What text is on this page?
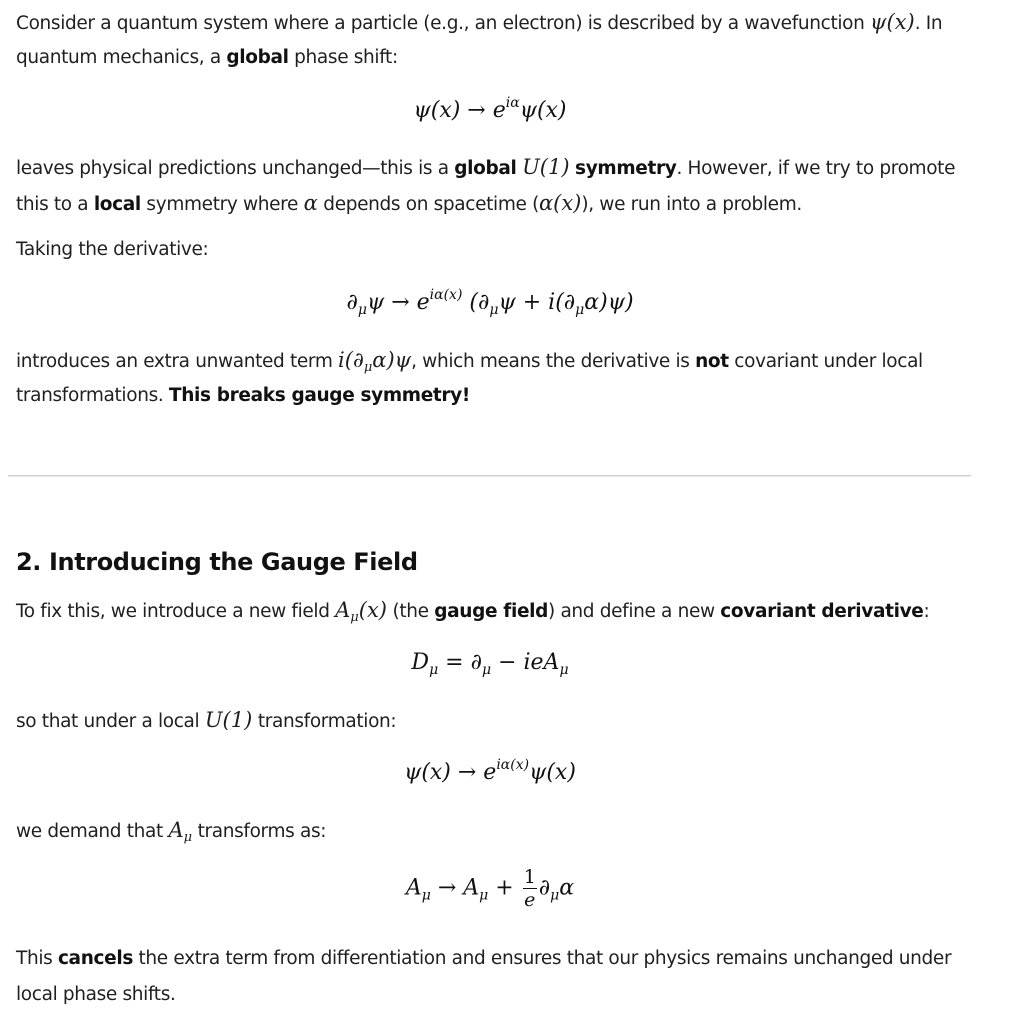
Consider a quantum system where a particle (e.g., an electron) is described by a wavefunction ψ(x). In
quantum mechanics, a global phase shift:
$\psi(x) \to e^{i\alpha}\psi(x)$
leaves physical predictions unchanged—this is a global U(1) symmetry. However, if we try to promote
this to a local symmetry where α depends on spacetime (α(x)), we run into a problem.
Taking the derivative:
$\partial_\mu\psi \to e^{i\alpha(x)}$ $(\partial_\mu\psi + i(\partial_\mu\alpha)\psi)$
introduces an extra unwanted term $i(\partial_\mu\alpha)\psi$, which means the derivative is not covariant under local
transformations. This breaks gauge symmetry!
2. Introducing the Gauge Field
To fix this, we introduce a new field $A_\mu(x)$ (the gauge field) and define a new covariant derivative:
$D_\mu = \partial_\mu - ieA_\mu$
so that under a local U(1) transformation:
$\psi(x) \to e^{i\alpha(x)}\psi(x)$
we demand that $A_\mu$ transforms as:
$A_\mu \to A_\mu + \frac{1}{e} \partial_\mu\alpha$
This cancels the extra term from differentiation and ensures that our physics remains unchanged under
local phase shifts.
